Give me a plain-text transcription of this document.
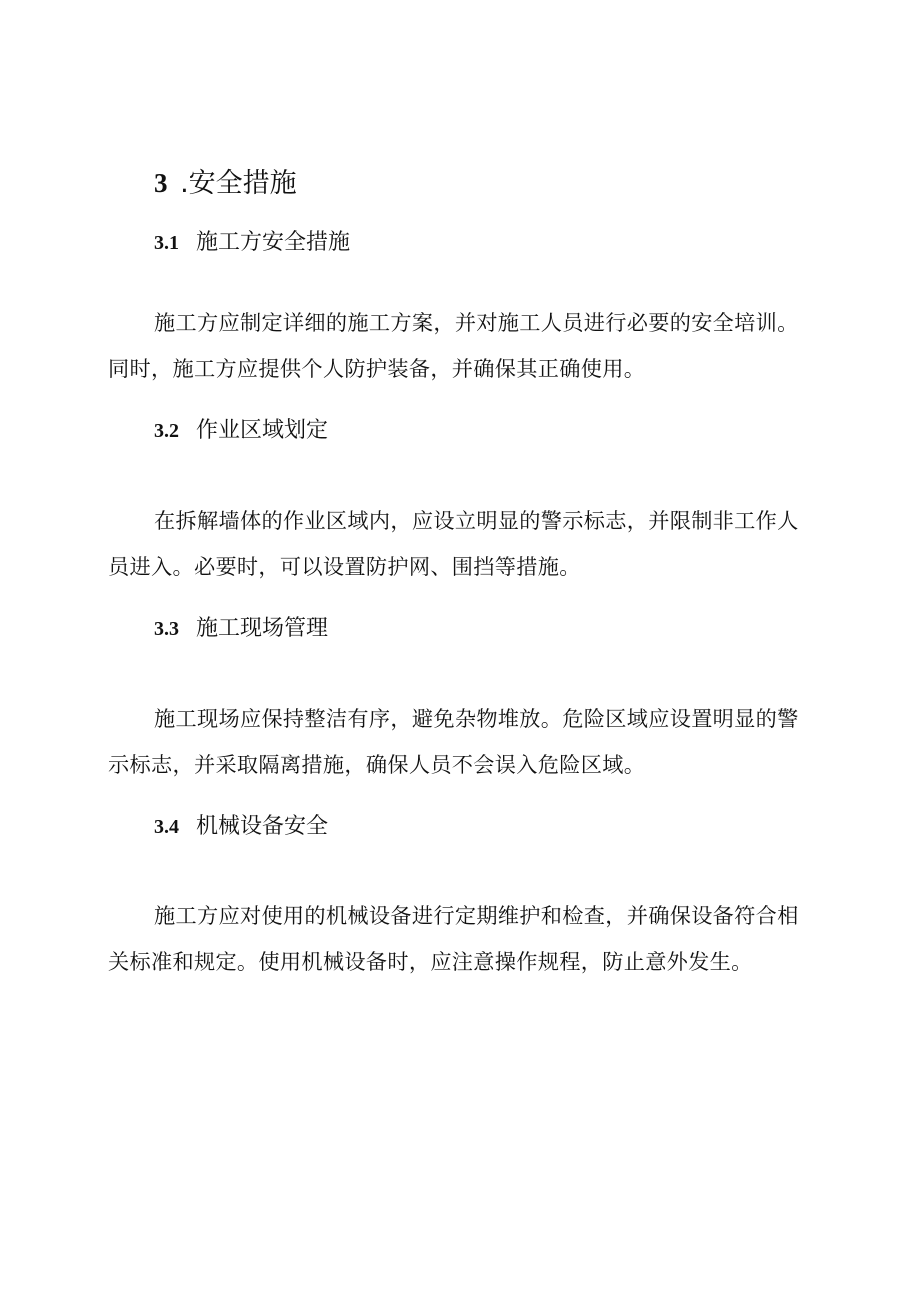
3 .安全措施
3.1 施工方安全措施

施工方应制定详细的施工方案，并对施工人员进行必要的安全培训。同时，施工方应提供个人防护装备，并确保其正确使用。

3.2 作业区域划定

在拆解墙体的作业区域内，应设立明显的警示标志，并限制非工作人员进入。必要时，可以设置防护网、围挡等措施。

3.3 施工现场管理

施工现场应保持整洁有序，避免杂物堆放。危险区域应设置明显的警示标志，并采取隔离措施，确保人员不会误入危险区域。

3.4 机械设备安全

施工方应对使用的机械设备进行定期维护和检查，并确保设备符合相关标准和规定。使用机械设备时，应注意操作规程，防止意外发生。
